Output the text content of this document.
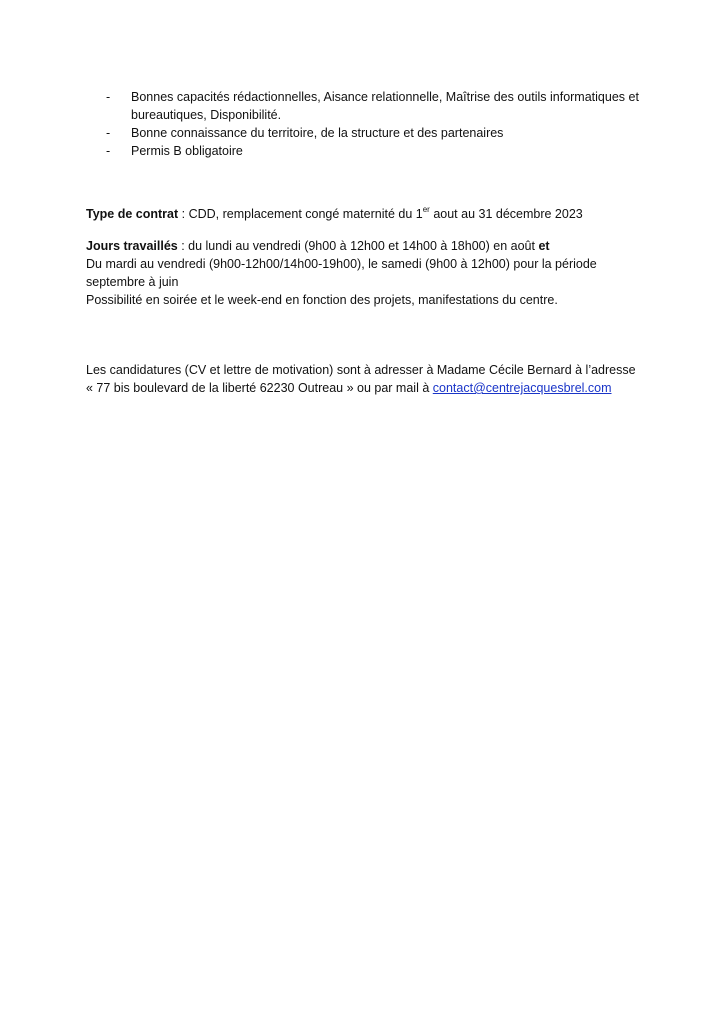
- Bonnes capacités rédactionnelles, Aisance relationnelle, Maîtrise des outils informatiques et
bureautiques, Disponibilité.
- Bonne connaissance du territoire, de la structure et des partenaires
- Permis B obligatoire

Type de contrat : CDD, remplacement congé maternité du 1er aout au 31 décembre 2023

Jours travaillés : du lundi au vendredi (9h00 à 12h00 et 14h00 à 18h00) en août et

Du mardi au vendredi (9h00-12h00/14h00-19h00), le samedi (9h00 à 12h00) pour la période

septembre à juin

Possibilité en soirée et le week-end en fonction des projets, manifestations du centre.

Les candidatures (CV et lettre de motivation) sont à adresser à Madame Cécile Bernard à l’adresse

« 77 bis boulevard de la liberté 62230 Outreau » ou par mail à contact@centrejacquesbrel.com
